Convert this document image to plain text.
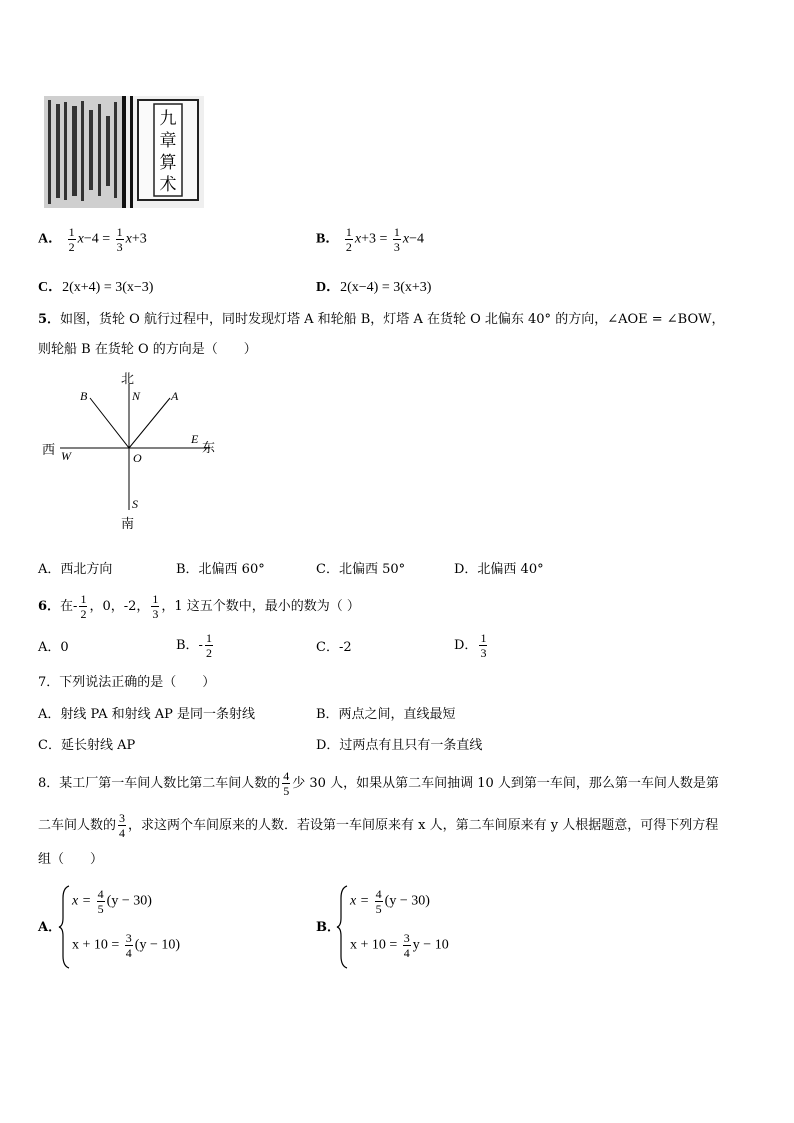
九
章
算
术
A． $\frac{1}{2} x-4 = \frac{1}{3} x+3$	B． $\frac{1}{2} x+3 = \frac{1}{3} x-4$
C．2(x+4) = 3(x−3)	D．2(x−4) = 3(x+3)
5．如图，货轮 O 航行过程中，同时发现灯塔 A 和轮船 B，灯塔 A 在货轮 O 北偏东 40° 的方向，∠AOE = ∠BOW，
则轮船 B 在货轮 O 的方向是（　　）
北
N	A
B
E
东
西 W	O
S
南
A．西北方向	B．北偏西 60°	C．北偏西 50°	D．北偏西 40°
6．在- $\frac{1}{2}$ ，0，-2， $\frac{1}{3}$ ，1 这五个数中，最小的数为（ ）
A．0	B．- $\frac{1}{2}$	C．-2	D． $\frac{1}{3}$
7．下列说法正确的是（　　）
A．射线 PA 和射线 AP 是同一条射线	B．两点之间，直线最短
C．延长射线 AP	D．过两点有且只有一条直线
8．某工厂第一车间人数比第二车间人数的 $\frac{4}{5}$ 少 30 人，如果从第二车间抽调 10 人到第一车间，那么第一车间人数是第
二车间人数的 $\frac{3}{4}$ ，求这两个车间原来的人数．若设第一车间原来有 x 人，第二车间原来有 y 人根据题意，可得下列方程
组（　　）
A．
$x = \frac{4}{5} (y - 30)$
$x + 10 = \frac{3}{4} (y - 10)$
B．
$x = \frac{4}{5} (y - 30)$
$x + 10 = \frac{3}{4}$ y − 10
